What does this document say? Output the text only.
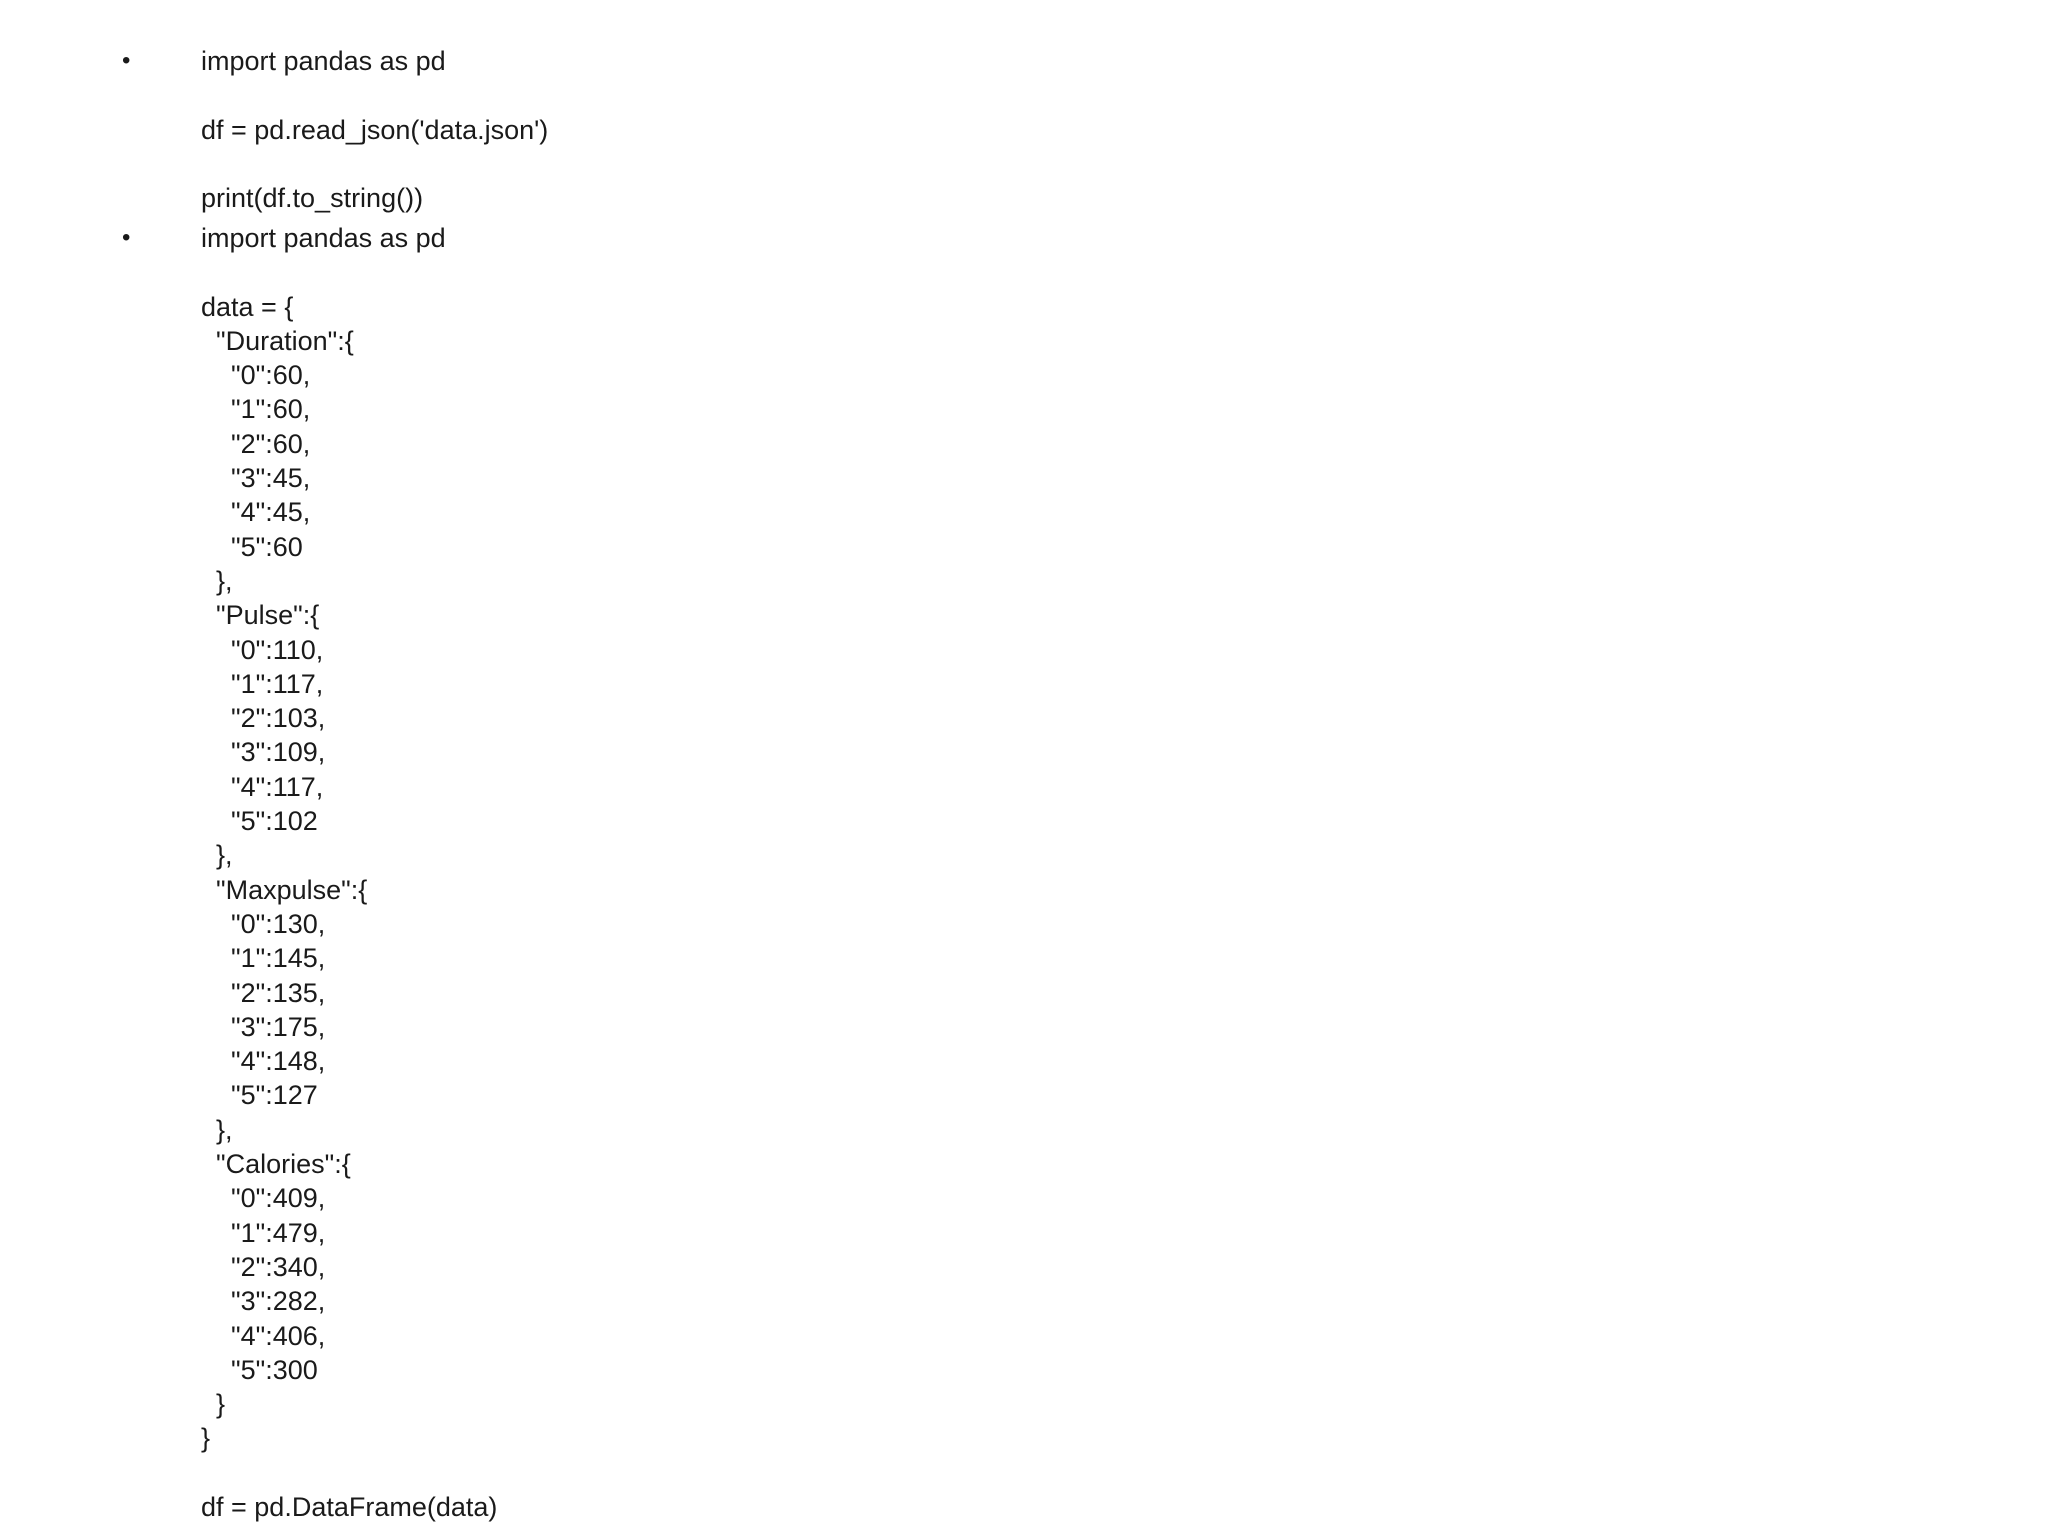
•	import pandas as pd
df = pd.read_json('data.json')
print(df.to_string())
•	import pandas as pd
data = {
"Duration":{
"0":60,
"1":60,
"2":60,
"3":45,
"4":45,
"5":60
},
"Pulse":{
"0":110,
"1":117,
"2":103,
"3":109,
"4":117,
"5":102
},
"Maxpulse":{
"0":130,
"1":145,
"2":135,
"3":175,
"4":148,
"5":127
},
"Calories":{
"0":409,
"1":479,
"2":340,
"3":282,
"4":406,
"5":300
}
}
df = pd.DataFrame(data)
